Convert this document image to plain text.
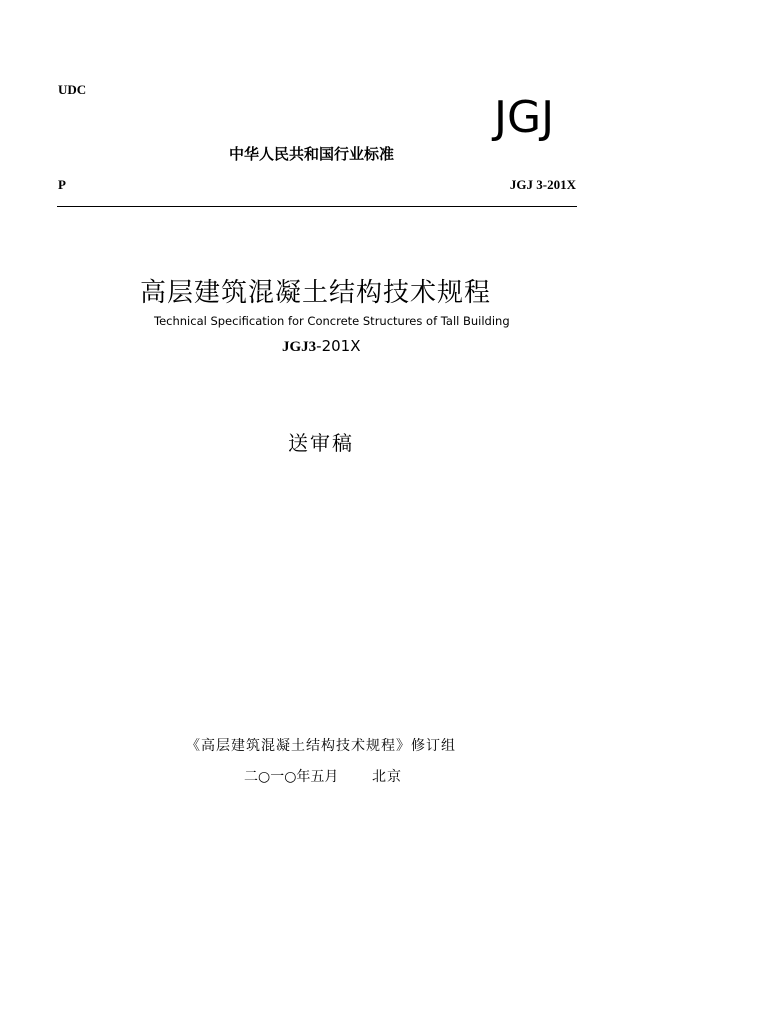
UDC
JGJ
中华人民共和国行业标准
P	JGJ 3-201X
高层建筑混凝土结构技术规程
Technical Specification for Concrete Structures of Tall Building
JGJ3-201X
送审稿
《高层建筑混凝土结构技术规程》修订组
二○一○年五月 北京
